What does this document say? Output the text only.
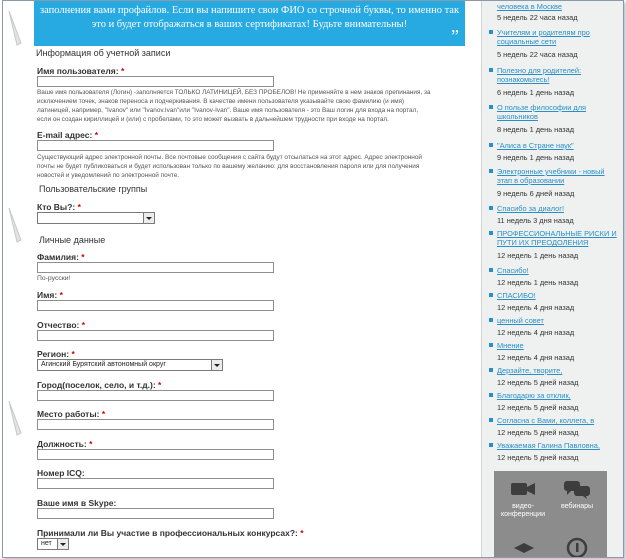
заполнения вами профайлов. Если вы напишите свои ФИО со строчной буквы, то именно так
это и будет отображаться в ваших сертификатах! Будьте внимательны!
”
Информация об учетной записи
Имя пользователя: *
Ваше имя пользователя (Логин) -заполняется ТОЛЬКО ЛАТИНИЦЕЙ, БЕЗ ПРОБЕЛОВ! Не применяйте в нем знаков препинания, за
исключением точек, знаков переноса и подчеркивания. В качестве имени пользователя указывайте свою фамилию (и имя)
латиницей, например, "Ivanov" или "Ivanov.Ivan"или "Ivanov-Ivan". Ваше имя пользователя - это Ваш логин для входа на портал,
если он создан кириллицей и (или) с пробелами, то это может вызвать в дальнейшем трудности при входе на портал.
E-mail адрес: *
Существующий адрес электронной почты. Все почтовые сообщения с сайта будут отсылаться на этот адрес. Адрес электронной
почты не будет публиковаться и будет использован только по вашему желанию: для восстановления пароля или для получения
новостей и уведомлений по электронной почте.
Пользовательские группы
Кто Вы?: *
Личные данные
Фамилия: *
По-русски!
Имя: *
Отчество: *
Регион: *
Агинский Бурятский автономный округ
Город(поселок, село, и т.д.): *
Место работы: *
Должность: *
Номер ICQ:
Ваше имя в Skype:
Принимали ли Вы участие в профессиональных конкурсах?: *
нет
человека в Москве
5 недель 22 часа назад
Учителям и родителям про социальные сети
5 недель 22 часа назад
Полезно для родителей: познакомьтесь!
6 недель 1 день назад
О пользе философии для школьников
8 недель 1 день назад
"Алиса в Стране наук"
9 недель 1 день назад
Электронные учебники - новый этап в образовании
9 недель 6 дней назад
Спасибо за диалог!
11 недель 3 дня назад
ПРОФЕССИОНАЛЬНЫЕ РИСКИ И ПУТИ ИХ ПРЕОДОЛЕНИЯ
12 недель 1 день назад
Спасибо!
12 недель 1 день назад
СПАСИБО!
12 недель 4 дня назад
ценный совет
12 недель 4 дня назад
Мнение
12 недель 4 дня назад
Дерзайте, творите,
12 недель 5 дней назад
Благодарю за отклик,
12 недель 5 дней назад
Согласна с Вами, коллега, в
12 недель 5 дней назад
Уважаемая Галина Павловна,
12 недель 5 дней назад
видео-
конференции
вебинары
